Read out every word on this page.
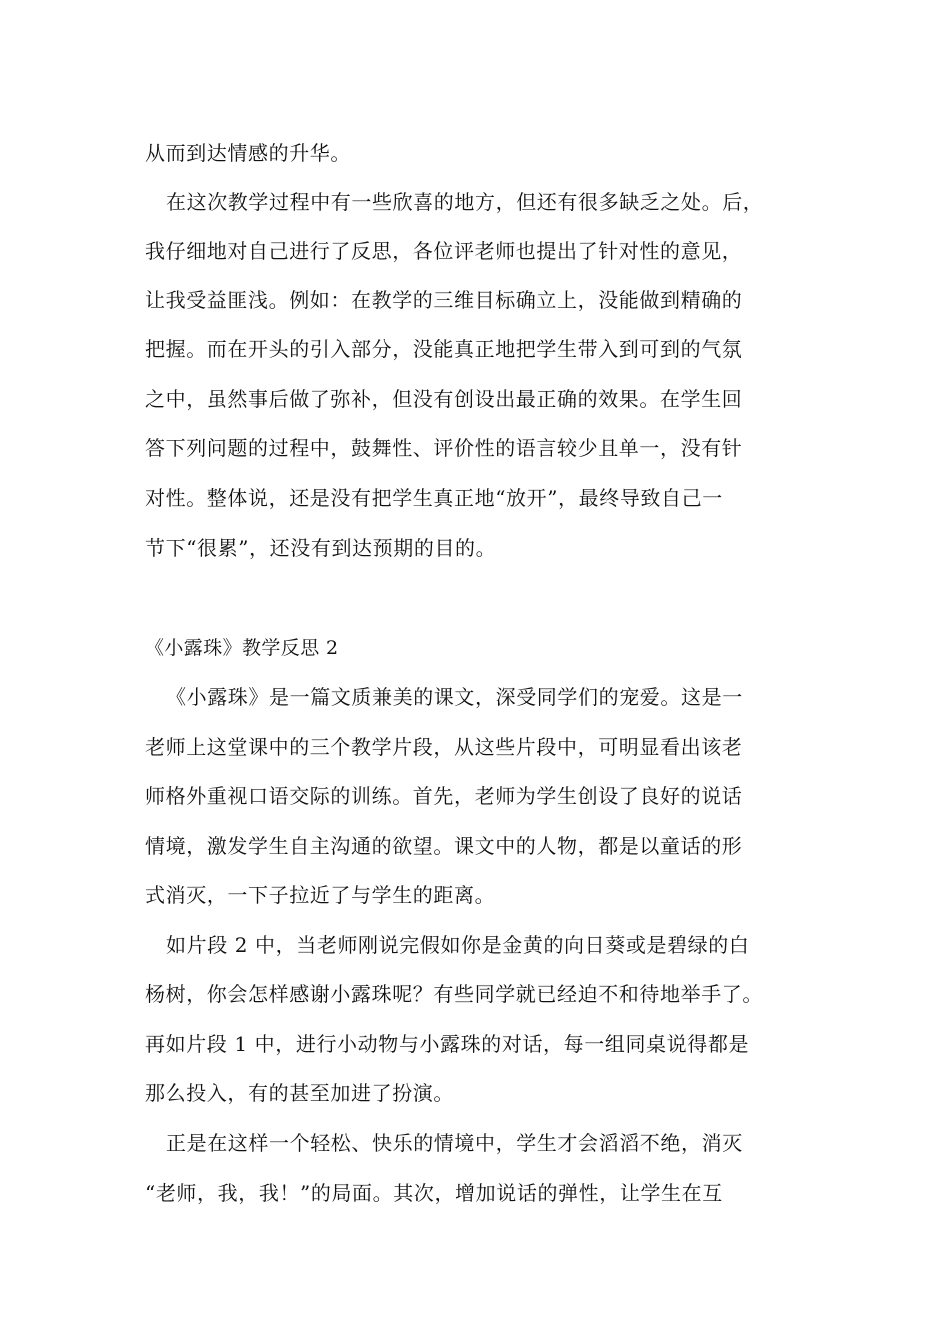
从而到达情感的升华。
在这次教学过程中有一些欣喜的地方，但还有很多缺乏之处。后，
我仔细地对自己进行了反思，各位评老师也提出了针对性的意见，
让我受益匪浅。例如：在教学的三维目标确立上，没能做到精确的
把握。而在开头的引入部分，没能真正地把学生带入到可到的气氛
之中，虽然事后做了弥补，但没有创设出最正确的效果。在学生回
答下列问题的过程中，鼓舞性、评价性的语言较少且单一，没有针
对性。整体说，还是没有把学生真正地“放开”，最终导致自己一
节下“很累”，还没有到达预期的目的。
《小露珠》教学反思 2
《小露珠》是一篇文质兼美的课文，深受同学们的宠爱。这是一
老师上这堂课中的三个教学片段，从这些片段中，可明显看出该老
师格外重视口语交际的训练。首先，老师为学生创设了良好的说话
情境，激发学生自主沟通的欲望。课文中的人物，都是以童话的形
式消灭，一下子拉近了与学生的距离。
如片段 2 中，当老师刚说完假如你是金黄的向日葵或是碧绿的白
杨树，你会怎样感谢小露珠呢？有些同学就已经迫不和待地举手了。
再如片段 1 中，进行小动物与小露珠的对话，每一组同桌说得都是
那么投入，有的甚至加进了扮演。
正是在这样一个轻松、快乐的情境中，学生才会滔滔不绝，消灭
“老师，我，我！”的局面。其次，增加说话的弹性，让学生在互
